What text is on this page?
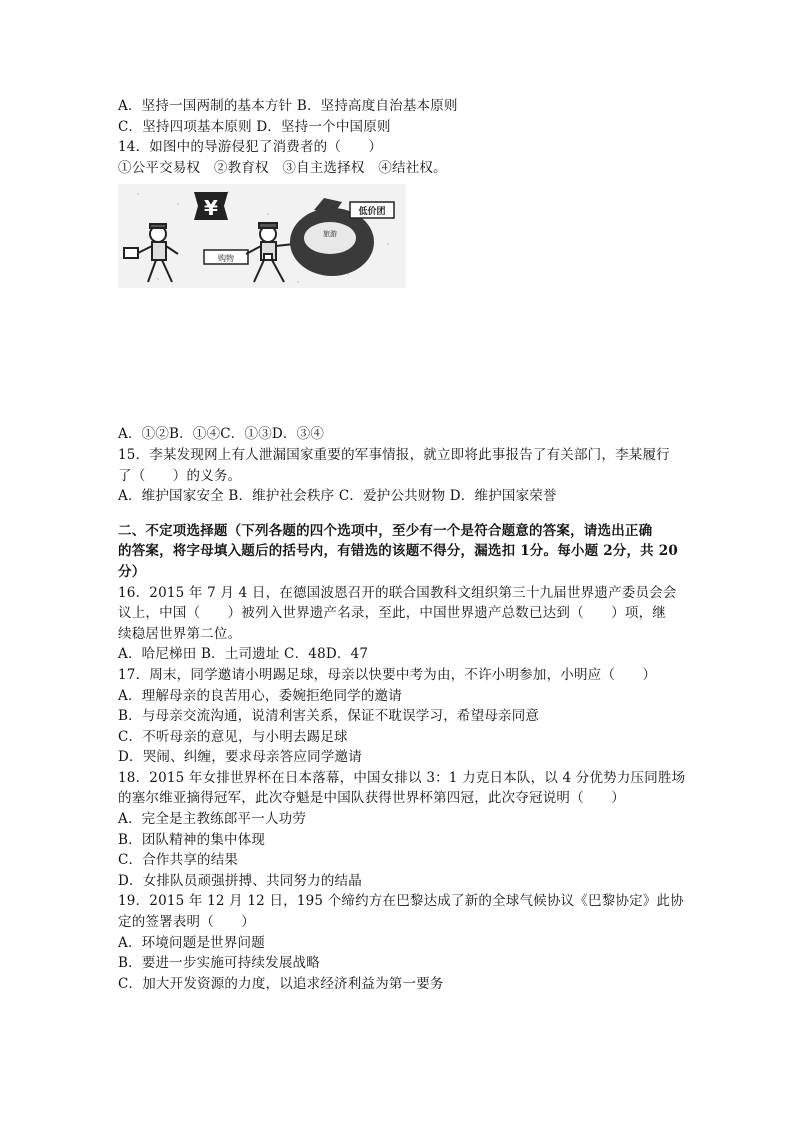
A．坚持一国两制的基本方针 B．坚持高度自治基本原则
C．坚持四项基本原则 D．坚持一个中国原则
14．如图中的导游侵犯了消费者的（　　）
①公平交易权　②教育权　③自主选择权　④结社权。
¥
购物
旅游
低价团
A．①②B．①④C．①③D．③④
15．李某发现网上有人泄漏国家重要的军事情报，就立即将此事报告了有关部门，李某履行
了（　　）的义务。
A．维护国家安全 B．维护社会秩序 C．爱护公共财物 D．维护国家荣誉
二、不定项选择题（下列各题的四个选项中，至少有一个是符合题意的答案，请选出正确
的答案，将字母填入题后的括号内，有错选的该题不得分，漏选扣 1分。每小题 2分，共 20
分）
16．2015 年 7 月 4 日，在德国波恩召开的联合国教科文组织第三十九届世界遗产委员会会
议上，中国（　　）被列入世界遗产名录，至此，中国世界遗产总数已达到（　　）项，继
续稳居世界第二位。
A．哈尼梯田 B．土司遗址 C．48D．47
17．周末，同学邀请小明踢足球，母亲以快要中考为由，不许小明参加，小明应（　　）
A．理解母亲的良苦用心，委婉拒绝同学的邀请
B．与母亲交流沟通，说清利害关系，保证不耽误学习，希望母亲同意
C．不听母亲的意见，与小明去踢足球
D．哭闹、纠缠，要求母亲答应同学邀请
18．2015 年女排世界杯在日本落幕，中国女排以 3：1 力克日本队，以 4 分优势力压同胜场
的塞尔维亚摘得冠军，此次夺魁是中国队获得世界杯第四冠，此次夺冠说明（　　）
A．完全是主教练郎平一人功劳
B．团队精神的集中体现
C．合作共享的结果
D．女排队员顽强拼搏、共同努力的结晶
19．2015 年 12 月 12 日，195 个缔约方在巴黎达成了新的全球气候协议《巴黎协定》此协
定的签署表明（　　）
A．环境问题是世界问题
B．要进一步实施可持续发展战略
C．加大开发资源的力度，以追求经济利益为第一要务
